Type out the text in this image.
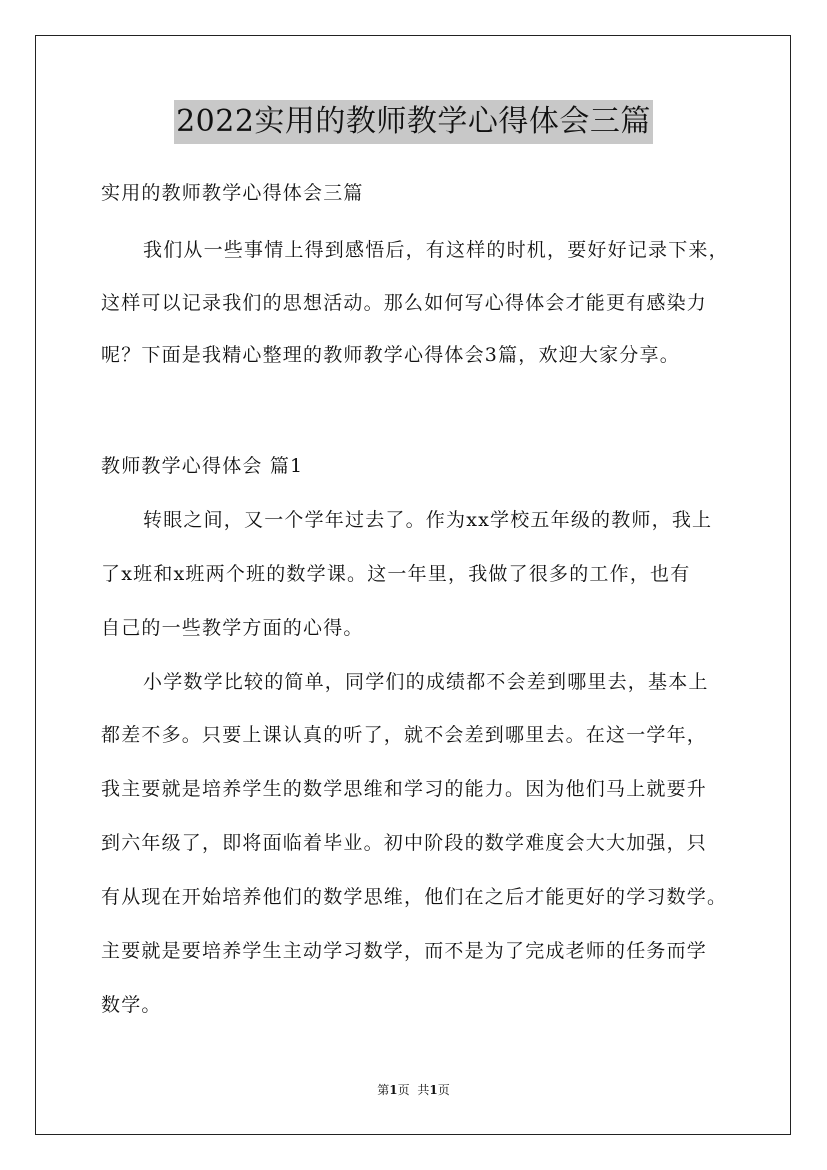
2022实用的教师教学心得体会三篇
实用的教师教学心得体会三篇
我们从一些事情上得到感悟后，有这样的时机，要好好记录下来，
这样可以记录我们的思想活动。那么如何写心得体会才能更有感染力
呢？下面是我精心整理的教师教学心得体会3篇，欢迎大家分享。
教师教学心得体会 篇1
转眼之间，又一个学年过去了。作为xx学校五年级的教师，我上
了x班和x班两个班的数学课。这一年里，我做了很多的工作，也有
自己的一些教学方面的心得。
小学数学比较的简单，同学们的成绩都不会差到哪里去，基本上
都差不多。只要上课认真的听了，就不会差到哪里去。在这一学年，
我主要就是培养学生的数学思维和学习的能力。因为他们马上就要升
到六年级了，即将面临着毕业。初中阶段的数学难度会大大加强，只
有从现在开始培养他们的数学思维，他们在之后才能更好的学习数学。
主要就是要培养学生主动学习数学，而不是为了完成老师的任务而学
数学。
第1页 共1页
